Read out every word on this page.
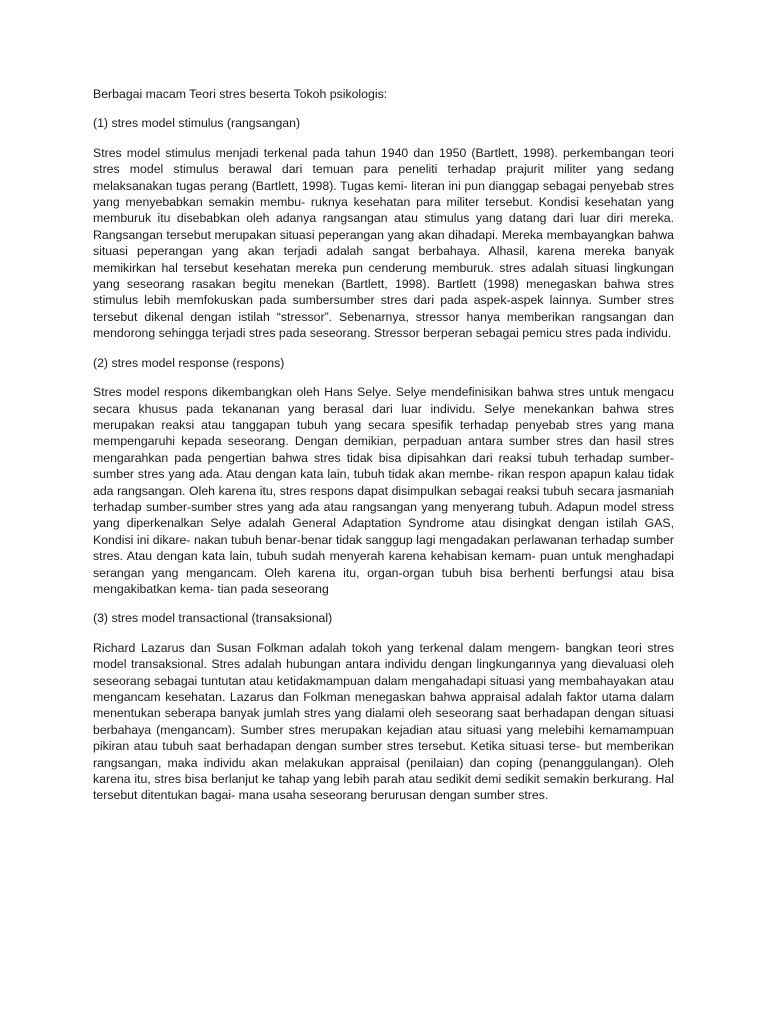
Berbagai macam Teori stres beserta Tokoh psikologis:

(1) stres model stimulus (rangsangan)

Stres model stimulus menjadi terkenal pada tahun 1940 dan 1950 (Bartlett, 1998). perkembangan teori stres model stimulus berawal dari temuan para peneliti terhadap prajurit militer yang sedang melaksanakan tugas perang (Bartlett, 1998). Tugas kemi- literan ini pun dianggap sebagai penyebab stres yang menyebabkan semakin membu- ruknya kesehatan para militer tersebut. Kondisi kesehatan yang memburuk itu disebabkan oleh adanya rangsangan atau stimulus yang datang dari luar diri mereka. Rangsangan tersebut merupakan situasi peperangan yang akan dihadapi. Mereka membayangkan bahwa situasi peperangan yang akan terjadi adalah sangat berbahaya. Alhasil, karena mereka banyak memikirkan hal tersebut kesehatan mereka pun cenderung memburuk. stres adalah situasi lingkungan yang seseorang rasakan begitu menekan (Bartlett, 1998). Bartlett (1998) menegaskan bahwa stres stimulus lebih memfokuskan pada sumbersumber stres dari pada aspek-aspek lainnya. Sumber stres tersebut dikenal dengan istilah “stressor”. Sebenarnya, stressor hanya memberikan rangsangan dan mendorong sehingga terjadi stres pada seseorang. Stressor berperan sebagai pemicu stres pada individu.

(2) stres model response (respons)

Stres model respons dikembangkan oleh Hans Selye. Selye mendefinisikan bahwa stres untuk mengacu secara khusus pada tekananan yang berasal dari luar individu. Selye menekankan bahwa stres merupakan reaksi atau tanggapan tubuh yang secara spesifik terhadap penyebab stres yang mana mempengaruhi kepada seseorang. Dengan demikian, perpaduan antara sumber stres dan hasil stres mengarahkan pada pengertian bahwa stres tidak bisa dipisahkan dari reaksi tubuh terhadap sumber-sumber stres yang ada. Atau dengan kata lain, tubuh tidak akan membe- rikan respon apapun kalau tidak ada rangsangan. Oleh karena itu, stres respons dapat disimpulkan sebagai reaksi tubuh secara jasmaniah terhadap sumber-sumber stres yang ada atau rangsangan yang menyerang tubuh. Adapun model stress yang diperkenalkan Selye adalah General Adaptation Syndrome atau disingkat dengan istilah GAS, Kondisi ini dikare- nakan tubuh benar-benar tidak sanggup lagi mengadakan perlawanan terhadap sumber stres. Atau dengan kata lain, tubuh sudah menyerah karena kehabisan kemam- puan untuk menghadapi serangan yang mengancam. Oleh karena itu, organ-organ tubuh bisa berhenti berfungsi atau bisa mengakibatkan kema- tian pada seseorang

(3) stres model transactional (transaksional)

Richard Lazarus dan Susan Folkman adalah tokoh yang terkenal dalam mengem- bangkan teori stres model transaksional. Stres adalah hubungan antara individu dengan lingkungannya yang dievaluasi oleh seseorang sebagai tuntutan atau ketidakmampuan dalam mengahadapi situasi yang membahayakan atau mengancam kesehatan. Lazarus dan Folkman menegaskan bahwa appraisal adalah faktor utama dalam menentukan seberapa banyak jumlah stres yang dialami oleh seseorang saat berhadapan dengan situasi berbahaya (mengancam). Sumber stres merupakan kejadian atau situasi yang melebihi kemamampuan pikiran atau tubuh saat berhadapan dengan sumber stres tersebut. Ketika situasi terse- but memberikan rangsangan, maka individu akan melakukan appraisal (penilaian) dan coping (penanggulangan). Oleh karena itu, stres bisa berlanjut ke tahap yang lebih parah atau sedikit demi sedikit semakin berkurang. Hal tersebut ditentukan bagai- mana usaha seseorang berurusan dengan sumber stres.
